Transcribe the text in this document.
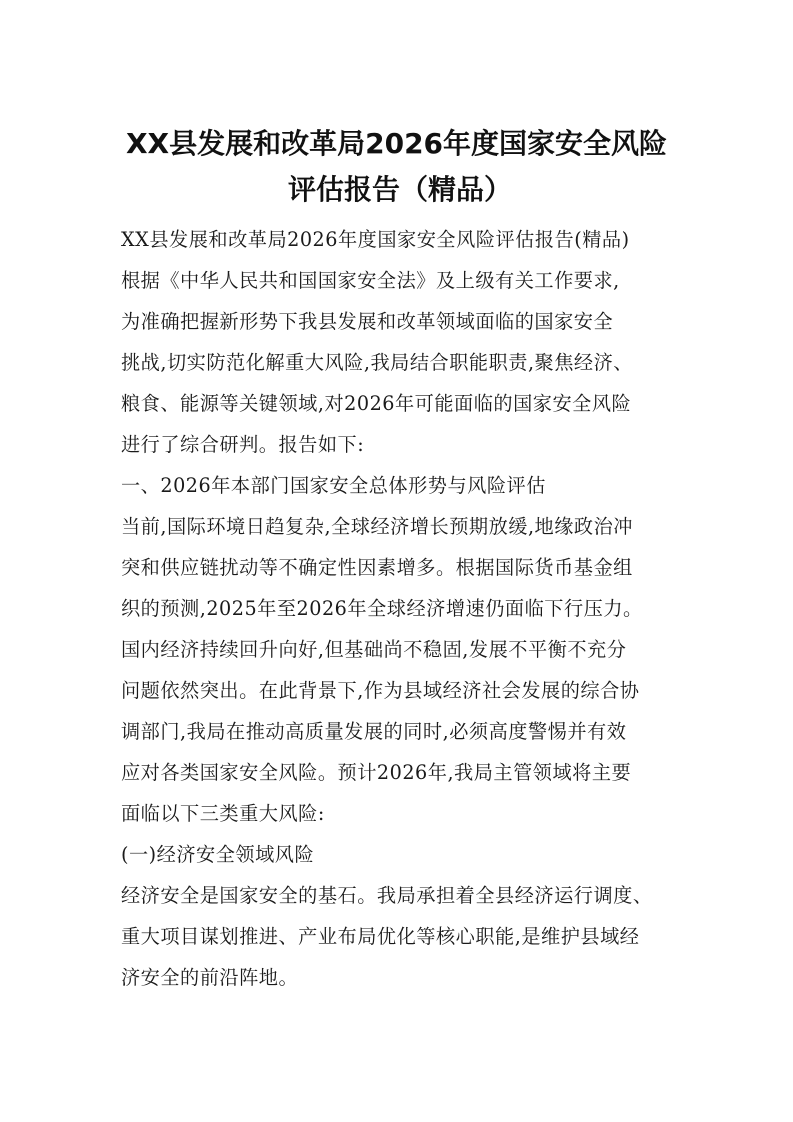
XX县发展和改革局2026年度国家安全风险
评估报告（精品）
XX县发展和改革局2026年度国家安全风险评估报告(精品)
根据《中华人民共和国国家安全法》及上级有关工作要求,
为准确把握新形势下我县发展和改革领域面临的国家安全
挑战,切实防范化解重大风险,我局结合职能职责,聚焦经济、
粮食、能源等关键领域,对2026年可能面临的国家安全风险
进行了综合研判。报告如下:
一、2026年本部门国家安全总体形势与风险评估
当前,国际环境日趋复杂,全球经济增长预期放缓,地缘政治冲
突和供应链扰动等不确定性因素增多。根据国际货币基金组
织的预测,2025年至2026年全球经济增速仍面临下行压力。
国内经济持续回升向好,但基础尚不稳固,发展不平衡不充分
问题依然突出。在此背景下,作为县域经济社会发展的综合协
调部门,我局在推动高质量发展的同时,必须高度警惕并有效
应对各类国家安全风险。预计2026年,我局主管领域将主要
面临以下三类重大风险:
(一)经济安全领域风险
经济安全是国家安全的基石。我局承担着全县经济运行调度、
重大项目谋划推进、产业布局优化等核心职能,是维护县域经
济安全的前沿阵地。
